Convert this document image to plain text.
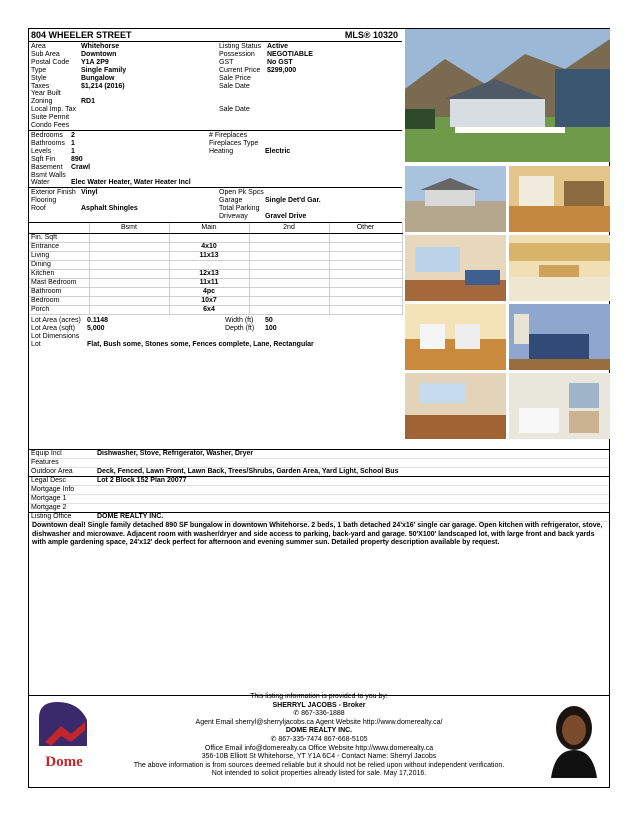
804 WHEELER STREET	MLS® 10320
Area	Whitehorse
Sub Area	Downtown
Postal Code Y1A 2P9
Type	Single Family
Style	Bungalow
Taxes	$1,214 (2016)
Year Built
Zoning	RD1
Local Imp. Tax
Suite Permit
Condo Fees
Listing Status Active
Possession NEGOTIABLE
GST	No GST
Current Price $299,000
Sale Price
Sale Date
Sale Date
Bedrooms 2
Bathrooms 1
Levels	1
Sqft Fin 890
Basement Crawl
Bsmt Walls
Water	Elec Water Heater, Water Heater Incl
# Fireplaces
Fireplaces Type
Heating	Electric
Exterior Finish Vinyl
Flooring
Roof	Asphalt Shingles
Open Pk Spcs
Garage	Single Det'd Gar.
Total Parking
Driveway Gravel Drive
	Bsmt	Main	2nd	Other
Fin. Sqft				
Entrance		4x10		
Living		11x13		
Dining				
Kitchen		12x13		
Mast Bedroom		11x11		
Bathroom		4pc		
Bedroom		10x7		
Porch		6x4		
Lot Area (acres) 0.1148
Lot Area (sqft) 5,000
Lot Dimensions
Lot	Flat, Bush some, Stones some, Fences complete, Lane, Rectangular
Width (ft) 50
Depth (ft) 100
Equip Incl	Dishwasher, Stove, Refrigerator, Washer, Dryer
Features
Outdoor Area	Deck, Fenced, Lawn Front, Lawn Back, Trees/Shrubs, Garden Area, Yard Light, School Bus
Legal Desc	Lot 2 Block 152 Plan 20077
Mortgage Info
Mortgage 1
Mortgage 2
Listing Office	DOME REALTY INC.
Downtown deal! Single family detached 890 SF bungalow in downtown Whitehorse. 2 beds, 1 bath detached 24'x16' single car garage. Open kitchen with refrigerator, stove, dishwasher and microwave. Adjacent room with washer/dryer and side access to parking, back-yard and garage. 50'X100' landscaped lot, with large front and back yards with ample gardening space, 24'x12' deck perfect for afternoon and evening summer sun. Detailed property description available by request.
Dome
This listing information is provided to you by:
SHERRYL JACOBS - Broker
✆ 867-336-1888
Agent Email sherryl@sherryljacobs.ca Agent Website http://www.domerealty.ca/
DOME REALTY INC.
✆ 867-335-7474 867-668-5105
Office Email info@domerealty.ca Office Website http://www.domerealty.ca
356-10B Elliott St Whitehorse, YT Y1A 6C4 - Contact Name: Sherryl Jacobs
The above information is from sources deemed reliable but it should not be relied upon without independent verification.
Not intended to solicit properties already listed for sale. May 17,2016.
